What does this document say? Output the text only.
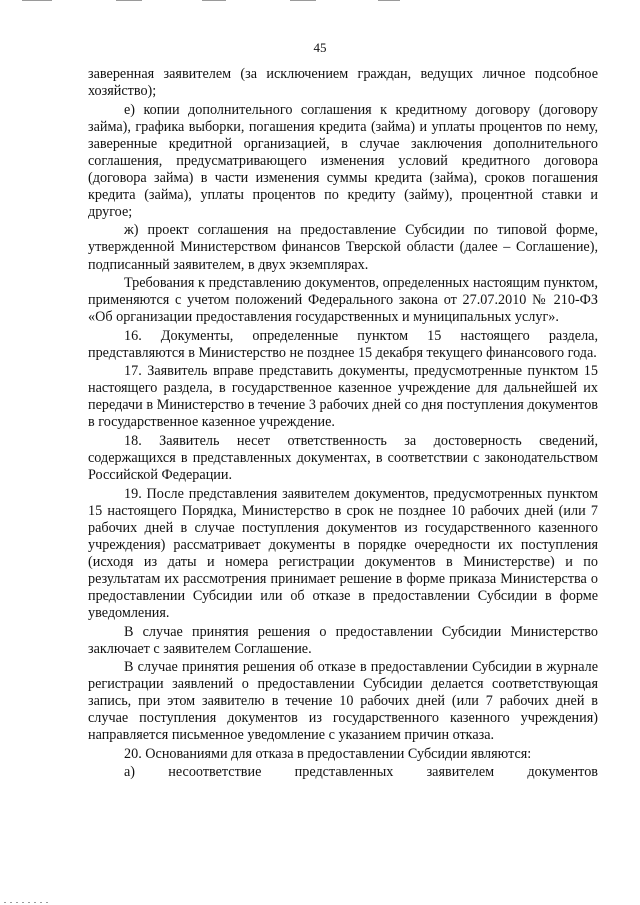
45

заверенная заявителем (за исключением граждан, ведущих личное подсобное хозяйство);

е) копии дополнительного соглашения к кредитному договору (договору займа), графика выборки, погашения кредита (займа) и уплаты процентов по нему, заверенные кредитной организацией, в случае заключения дополнительного соглашения, предусматривающего изменения условий кредитного договора (договора займа) в части изменения суммы кредита (займа), сроков погашения кредита (займа), уплаты процентов по кредиту (займу), процентной ставки и другое;

ж) проект соглашения на предоставление Субсидии по типовой форме, утвержденной Министерством финансов Тверской области (далее – Соглашение), подписанный заявителем, в двух экземплярах.

Требования к представлению документов, определенных настоящим пунктом, применяются с учетом положений Федерального закона от 27.07.2010 № 210-ФЗ «Об организации предоставления государственных и муниципальных услуг».

16. Документы, определенные пунктом 15 настоящего раздела, представляются в Министерство не позднее 15 декабря текущего финансового года.

17. Заявитель вправе представить документы, предусмотренные пунктом 15 настоящего раздела, в государственное казенное учреждение для дальнейшей их передачи в Министерство в течение 3 рабочих дней со дня поступления документов в государственное казенное учреждение.

18. Заявитель несет ответственность за достоверность сведений, содержащихся в представленных документах, в соответствии с законодательством Российской Федерации.

19. После представления заявителем документов, предусмотренных пунктом 15 настоящего Порядка, Министерство в срок не позднее 10 рабочих дней (или 7 рабочих дней в случае поступления документов из государственного казенного учреждения) рассматривает документы в порядке очередности их поступления (исходя из даты и номера регистрации документов в Министерстве) и по результатам их рассмотрения принимает решение в форме приказа Министерства о предоставлении Субсидии или об отказе в предоставлении Субсидии в форме уведомления.

В случае принятия решения о предоставлении Субсидии Министерство заключает с заявителем Соглашение.

В случае принятия решения об отказе в предоставлении Субсидии в журнале регистрации заявлений о предоставлении Субсидии делается соответствующая запись, при этом заявителю в течение 10 рабочих дней (или 7 рабочих дней в случае поступления документов из государственного казенного учреждения) направляется письменное уведомление с указанием причин отказа.

20. Основаниями для отказа в предоставлении Субсидии являются:

а) несоответствие представленных заявителем документов
